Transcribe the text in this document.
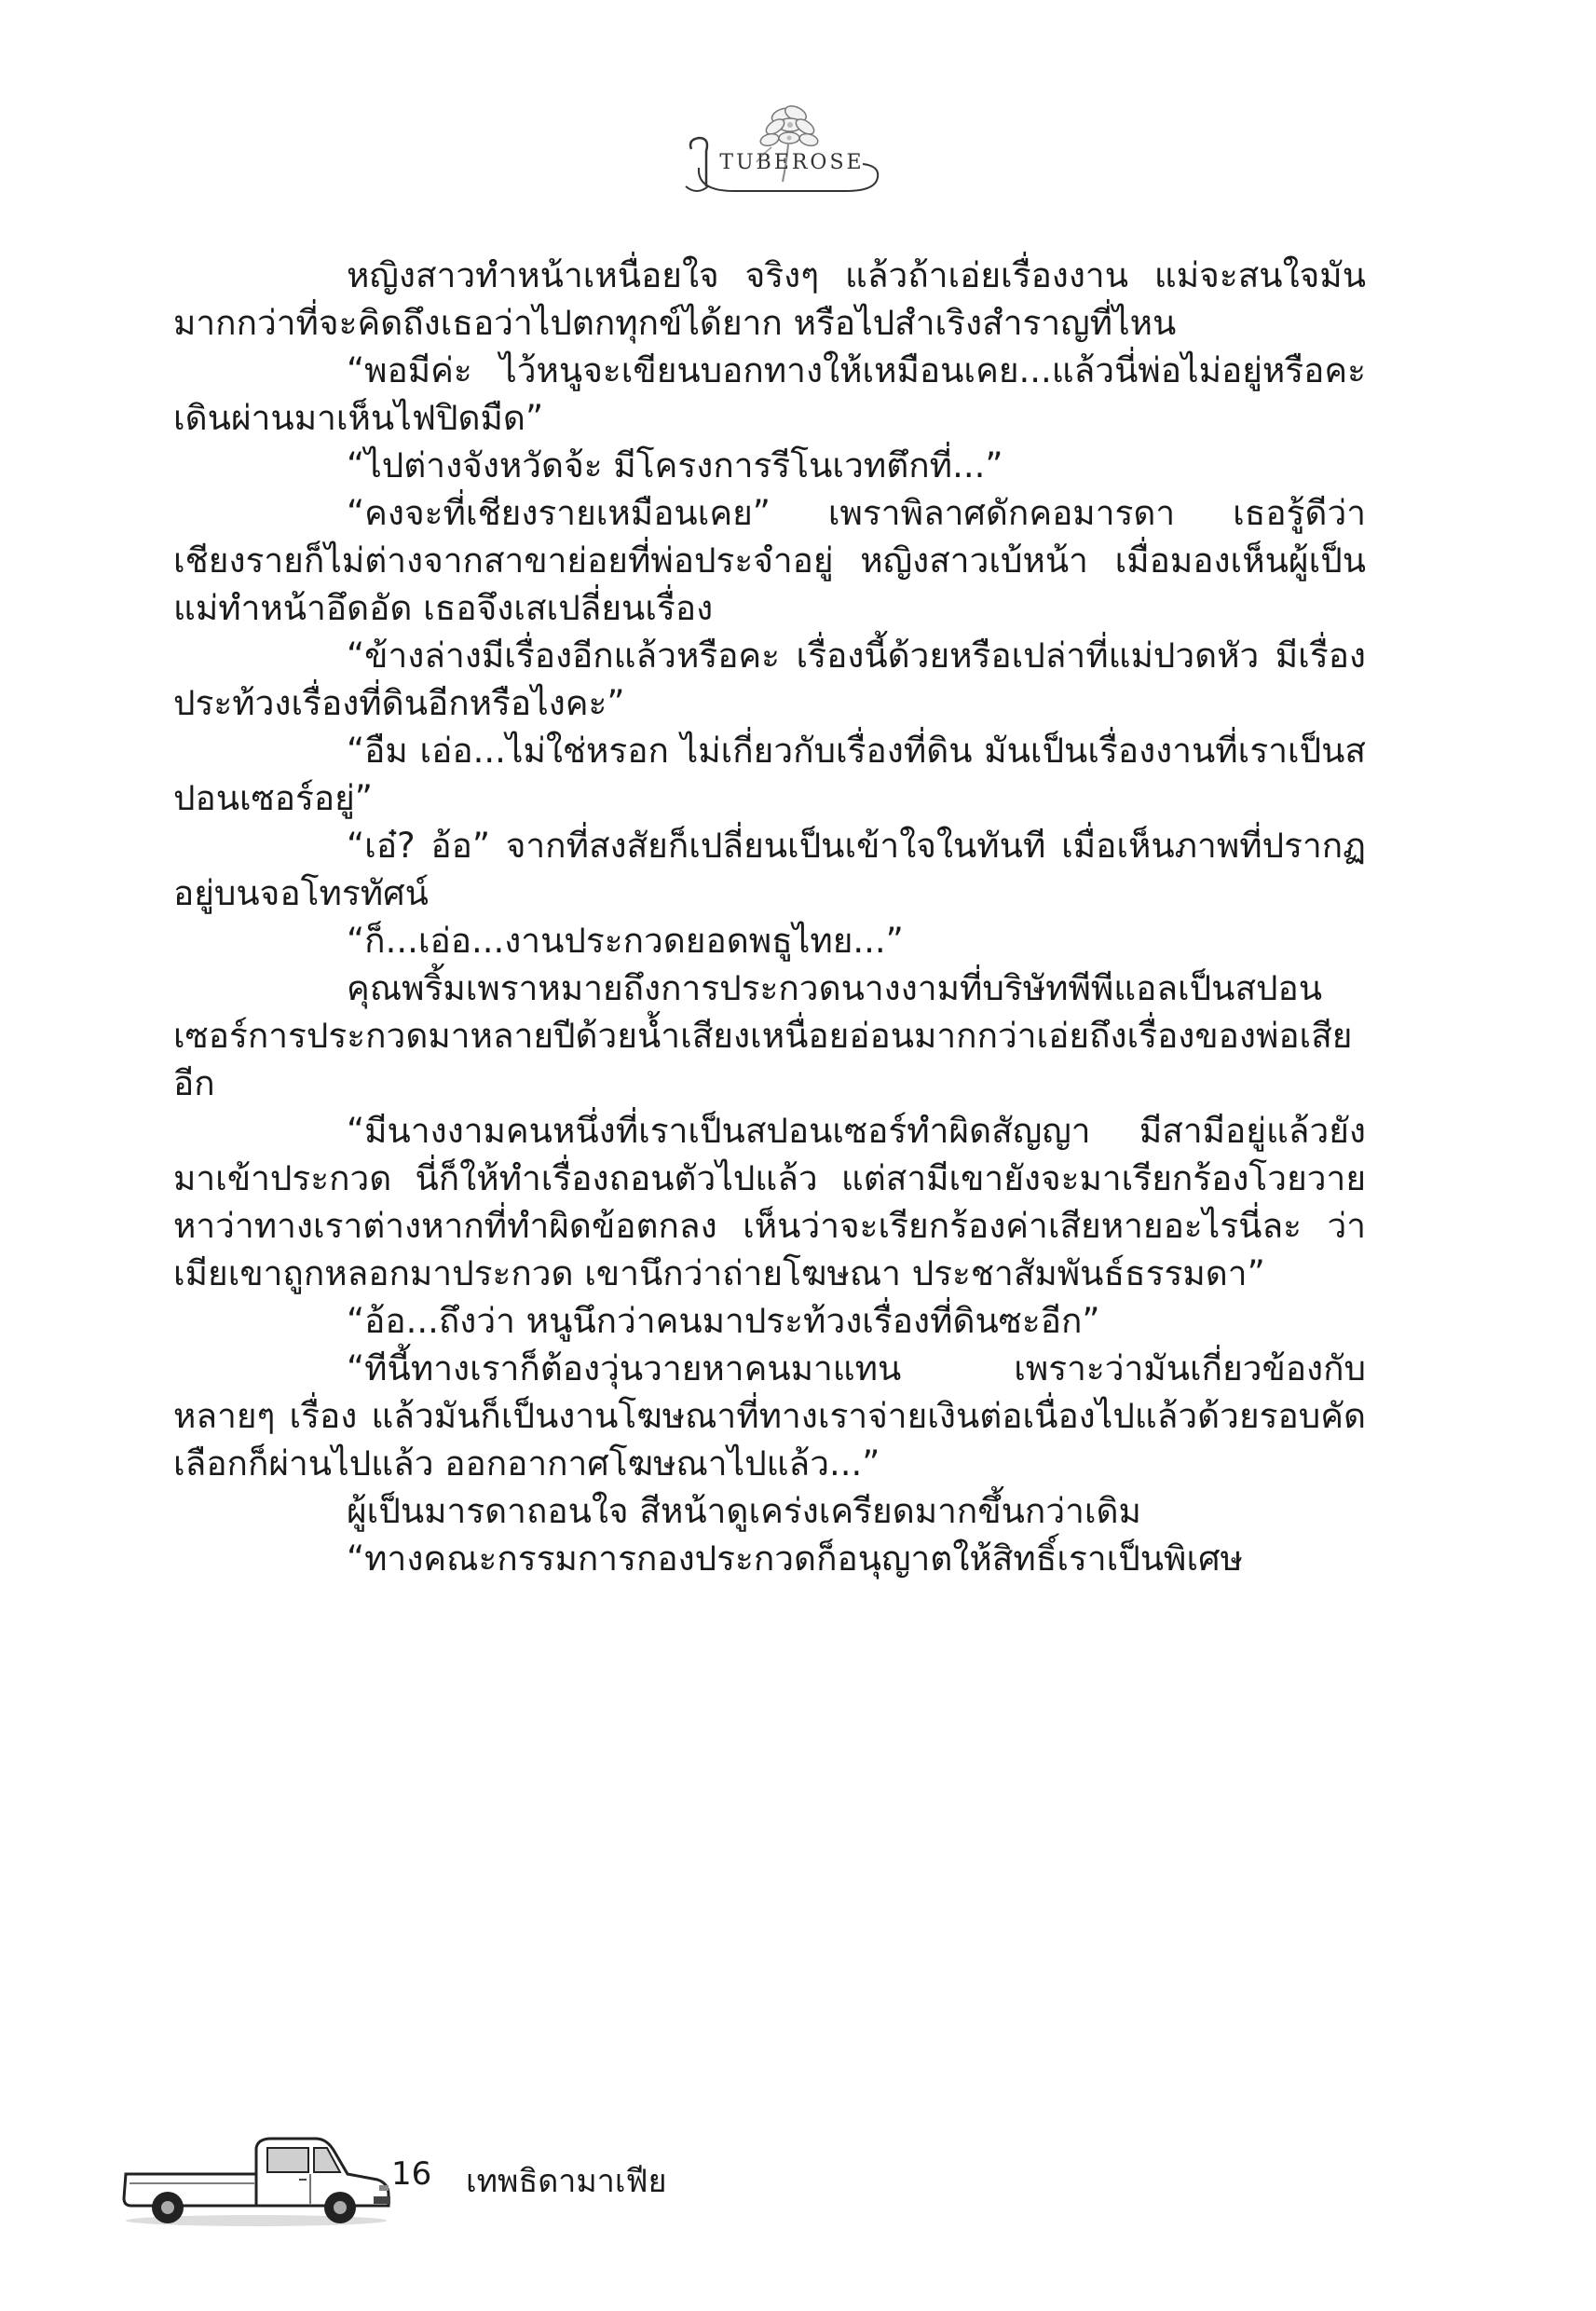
TUBEROSE

หญิงสาวทำหน้าเหนื่อยใจ จริงๆ แล้วถ้าเอ่ยเรื่องงาน แม่จะสนใจมันมากกว่าที่จะคิดถึงเธอว่าไปตกทุกข์ได้ยาก หรือไปสำเริงสำราญที่ไหน

“พอมีค่ะ ไว้หนูจะเขียนบอกทางให้เหมือนเคย...แล้วนี่พ่อไม่อยู่หรือคะ เดินผ่านมาเห็นไฟปิดมืด”

“ไปต่างจังหวัดจ้ะ มีโครงการรีโนเวทตึกที่...”

“คงจะที่เชียงรายเหมือนเคย” เพราพิลาศดักคอมารดา เธอรู้ดีว่าเชียงรายก็ไม่ต่างจากสาขาย่อยที่พ่อประจำอยู่ หญิงสาวเบ้หน้า เมื่อมองเห็นผู้เป็นแม่ทำหน้าอึดอัด เธอจึงเสเปลี่ยนเรื่อง

“ข้างล่างมีเรื่องอีกแล้วหรือคะ เรื่องนี้ด้วยหรือเปล่าที่แม่ปวดหัว มีเรื่องประท้วงเรื่องที่ดินอีกหรือไงคะ”

“อืม เอ่อ...ไม่ใช่หรอก ไม่เกี่ยวกับเรื่องที่ดิน มันเป็นเรื่องงานที่เราเป็นสปอนเซอร์อยู่”

“เอ๋? อ้อ” จากที่สงสัยก็เปลี่ยนเป็นเข้าใจในทันที เมื่อเห็นภาพที่ปรากฏอยู่บนจอโทรทัศน์

“ก็...เอ่อ...งานประกวดยอดพธูไทย...”

คุณพริ้มเพราหมายถึงการประกวดนางงามที่บริษัทพีพีแอลเป็นสปอนเซอร์การประกวดมาหลายปีด้วยน้ำเสียงเหนื่อยอ่อนมากกว่าเอ่ยถึงเรื่องของพ่อเสียอีก

“มีนางงามคนหนึ่งที่เราเป็นสปอนเซอร์ทำผิดสัญญา มีสามีอยู่แล้วยังมาเข้าประกวด นี่ก็ให้ทำเรื่องถอนตัวไปแล้ว แต่สามีเขายังจะมาเรียกร้องโวยวาย หาว่าทางเราต่างหากที่ทำผิดข้อตกลง เห็นว่าจะเรียกร้องค่าเสียหายอะไรนี่ละ ว่าเมียเขาถูกหลอกมาประกวด เขานึกว่าถ่ายโฆษณา ประชาสัมพันธ์ธรรมดา”

“อ้อ...ถึงว่า หนูนึกว่าคนมาประท้วงเรื่องที่ดินซะอีก”

“ทีนี้ทางเราก็ต้องวุ่นวายหาคนมาแทน เพราะว่ามันเกี่ยวข้องกับหลายๆ เรื่อง แล้วมันก็เป็นงานโฆษณาที่ทางเราจ่ายเงินต่อเนื่องไปแล้วด้วยรอบคัดเลือกก็ผ่านไปแล้ว ออกอากาศโฆษณาไปแล้ว...”

ผู้เป็นมารดาถอนใจ สีหน้าดูเคร่งเครียดมากขึ้นกว่าเดิม

“ทางคณะกรรมการกองประกวดก็อนุญาตให้สิทธิ์เราเป็นพิเศษ

16 เทพธิดามาเฟีย
